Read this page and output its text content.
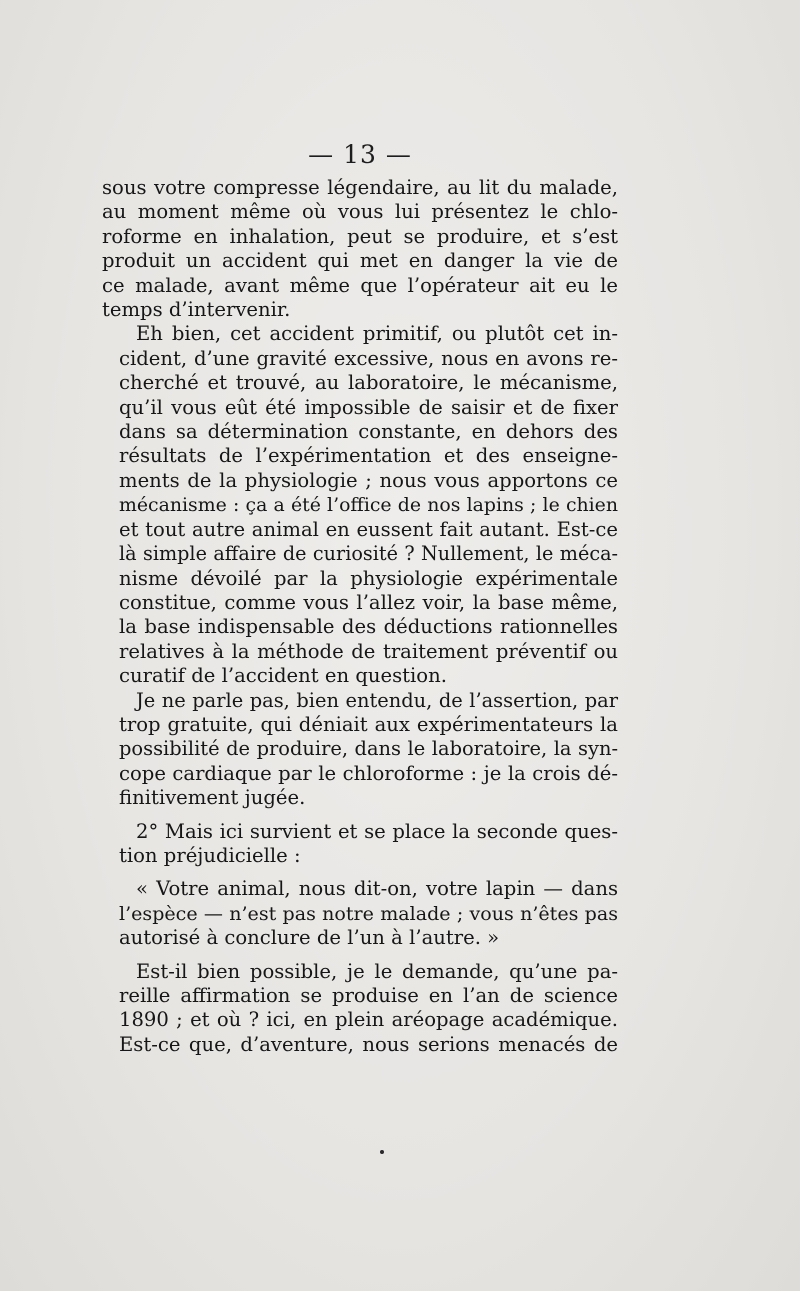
— 13 —

sous votre compresse légendaire, au lit du malade,
au moment même où vous lui présentez le chlo-
roforme en inhalation, peut se produire, et s’est
produit un accident qui met en danger la vie de
ce malade, avant même que l’opérateur ait eu le
temps d’intervenir.

Eh bien, cet accident primitif, ou plutôt cet in-
cident, d’une gravité excessive, nous en avons re-
cherché et trouvé, au laboratoire, le mécanisme,
qu’il vous eût été impossible de saisir et de fixer
dans sa détermination constante, en dehors des
résultats de l’expérimentation et des enseigne-
ments de la physiologie ; nous vous apportons ce
mécanisme : ça a été l’office de nos lapins ; le chien
et tout autre animal en eussent fait autant. Est-ce
là simple affaire de curiosité ? Nullement, le méca-
nisme dévoilé par la physiologie expérimentale
constitue, comme vous l’allez voir, la base même,
la base indispensable des déductions rationnelles
relatives à la méthode de traitement préventif ou
curatif de l’accident en question.

Je ne parle pas, bien entendu, de l’assertion, par
trop gratuite, qui déniait aux expérimentateurs la
possibilité de produire, dans le laboratoire, la syn-
cope cardiaque par le chloroforme : je la crois dé-
finitivement jugée.

2° Mais ici survient et se place la seconde ques-
tion préjudicielle :

« Votre animal, nous dit-on, votre lapin — dans
l’espèce — n’est pas notre malade ; vous n’êtes pas
autorisé à conclure de l’un à l’autre. »

Est-il bien possible, je le demande, qu’une pa-
reille affirmation se produise en l’an de science
1890 ; et où ? ici, en plein aréopage académique.
Est-ce que, d’aventure, nous serions menacés de
